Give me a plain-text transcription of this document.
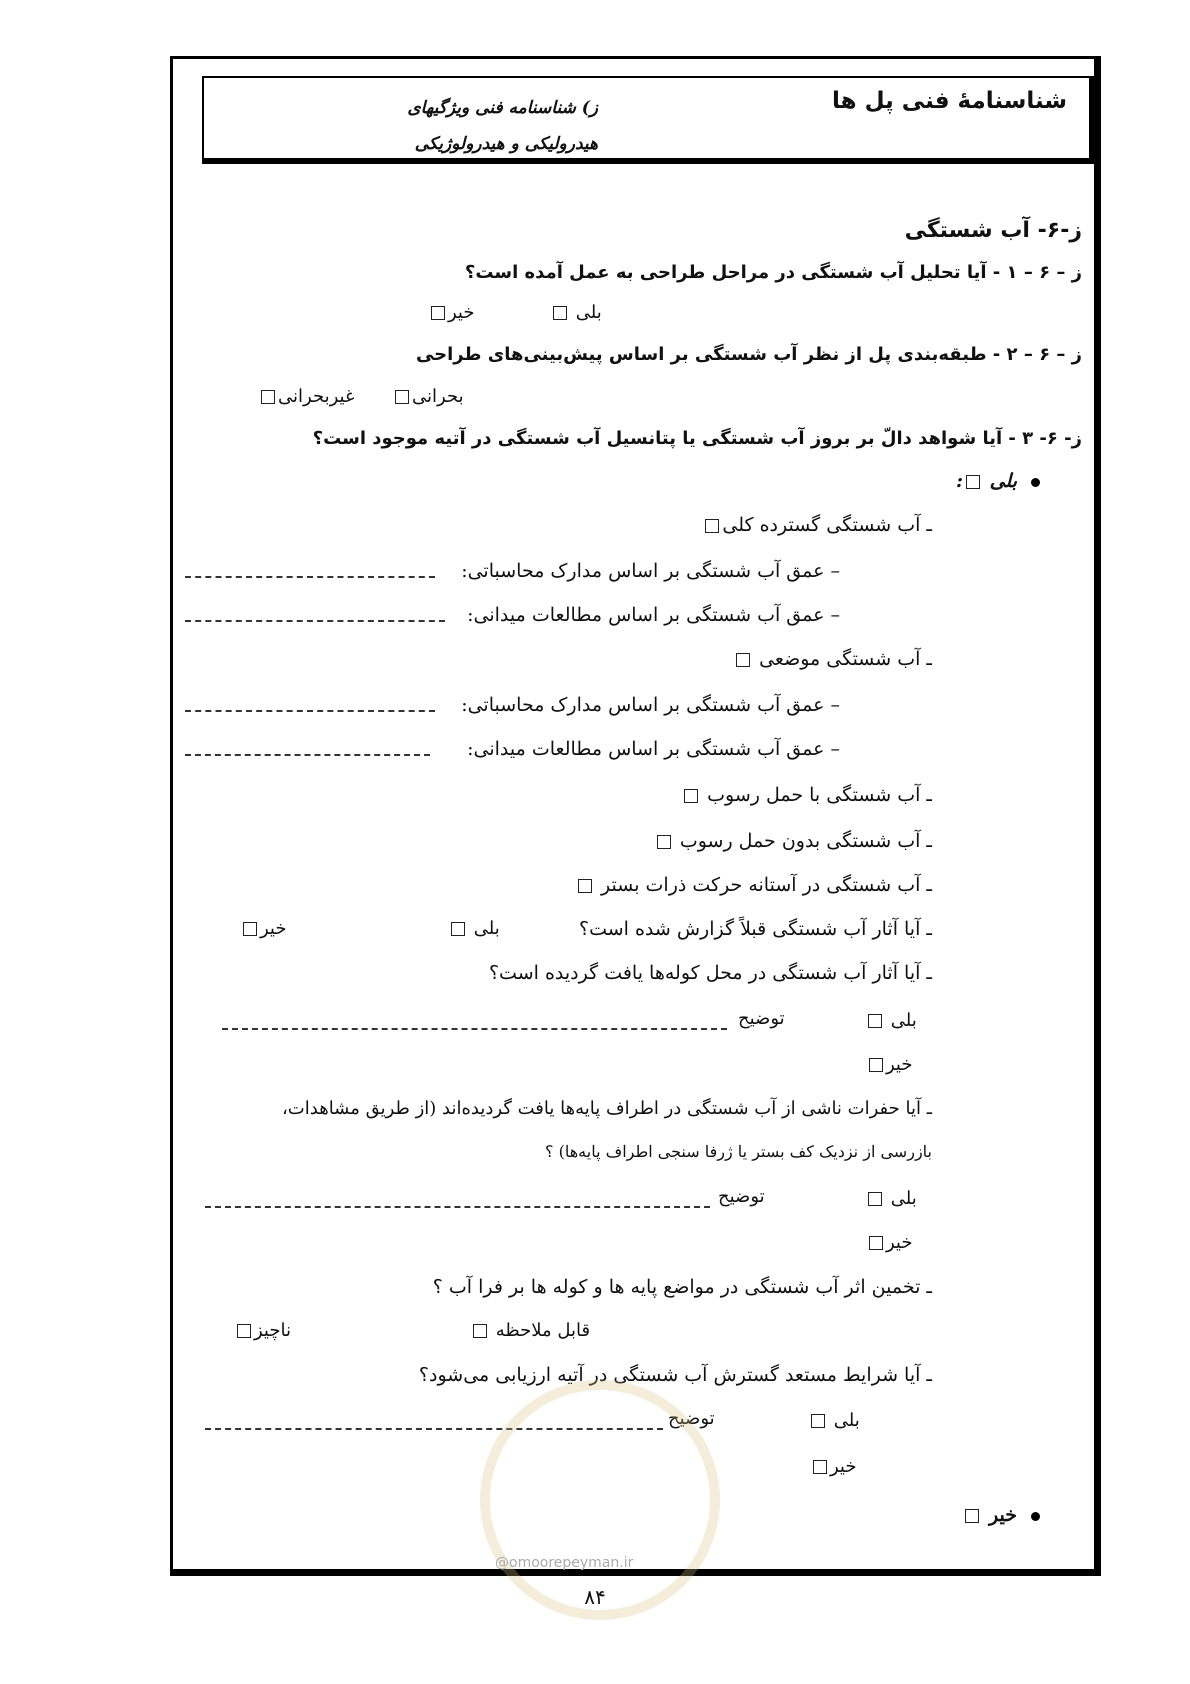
شناسنامهٔ فنی پل ها
ز) شناسنامه فنی ویژگیهای
هیدرولیکی و هیدرولوژیکی
ز-۶- آب شستگی
ز – ۶ – ۱ - آیا تحلیل آب شستگی در مراحل طراحی به عمل آمده است؟
بلی
خیر
ز – ۶ – ۲ - طبقه‌بندی پل از نظر آب شستگی بر اساس پیش‌بینی‌های طراحی
بحرانی
غیربحرانی
ز- ۶- ۳ - آیا شواهد دالّ بر بروز آب شستگی یا پتانسیل آب شستگی در آتیه موجود است؟
بلی :
ـ آب شستگی گسترده کلی
– عمق آب شستگی بر اساس مدارک محاسباتی:
– عمق آب شستگی بر اساس مطالعات میدانی:
ـ آب شستگی موضعی
– عمق آب شستگی بر اساس مدارک محاسباتی:
– عمق آب شستگی بر اساس مطالعات میدانی:
ـ آب شستگی با حمل رسوب
ـ آب شستگی بدون حمل رسوب
ـ آب شستگی در آستانه حرکت ذرات بستر
ـ آیا آثار آب شستگی قبلاً گزارش شده است؟
بلی
خیر
ـ آیا آثار آب شستگی در محل کوله‌ها یافت گردیده است؟
بلی
توضیح
خیر
ـ آیا حفرات ناشی از آب شستگی در اطراف پایه‌ها یافت گردیده‌اند (از طریق مشاهدات،
بازرسی از نزدیک کف بستر یا ژرفا سنجی اطراف پایه‌ها) ؟
بلی
توضیح
خیر
ـ تخمین اثر آب شستگی در مواضع پایه ها و کوله ها بر فرا آب ؟
قابل ملاحظه
ناچیز
ـ آیا شرایط مستعد گسترش آب شستگی در آتیه ارزیابی می‌شود؟
بلی
توضیح
خیر
خیر
@omoorepeyman.ir
۸۴
